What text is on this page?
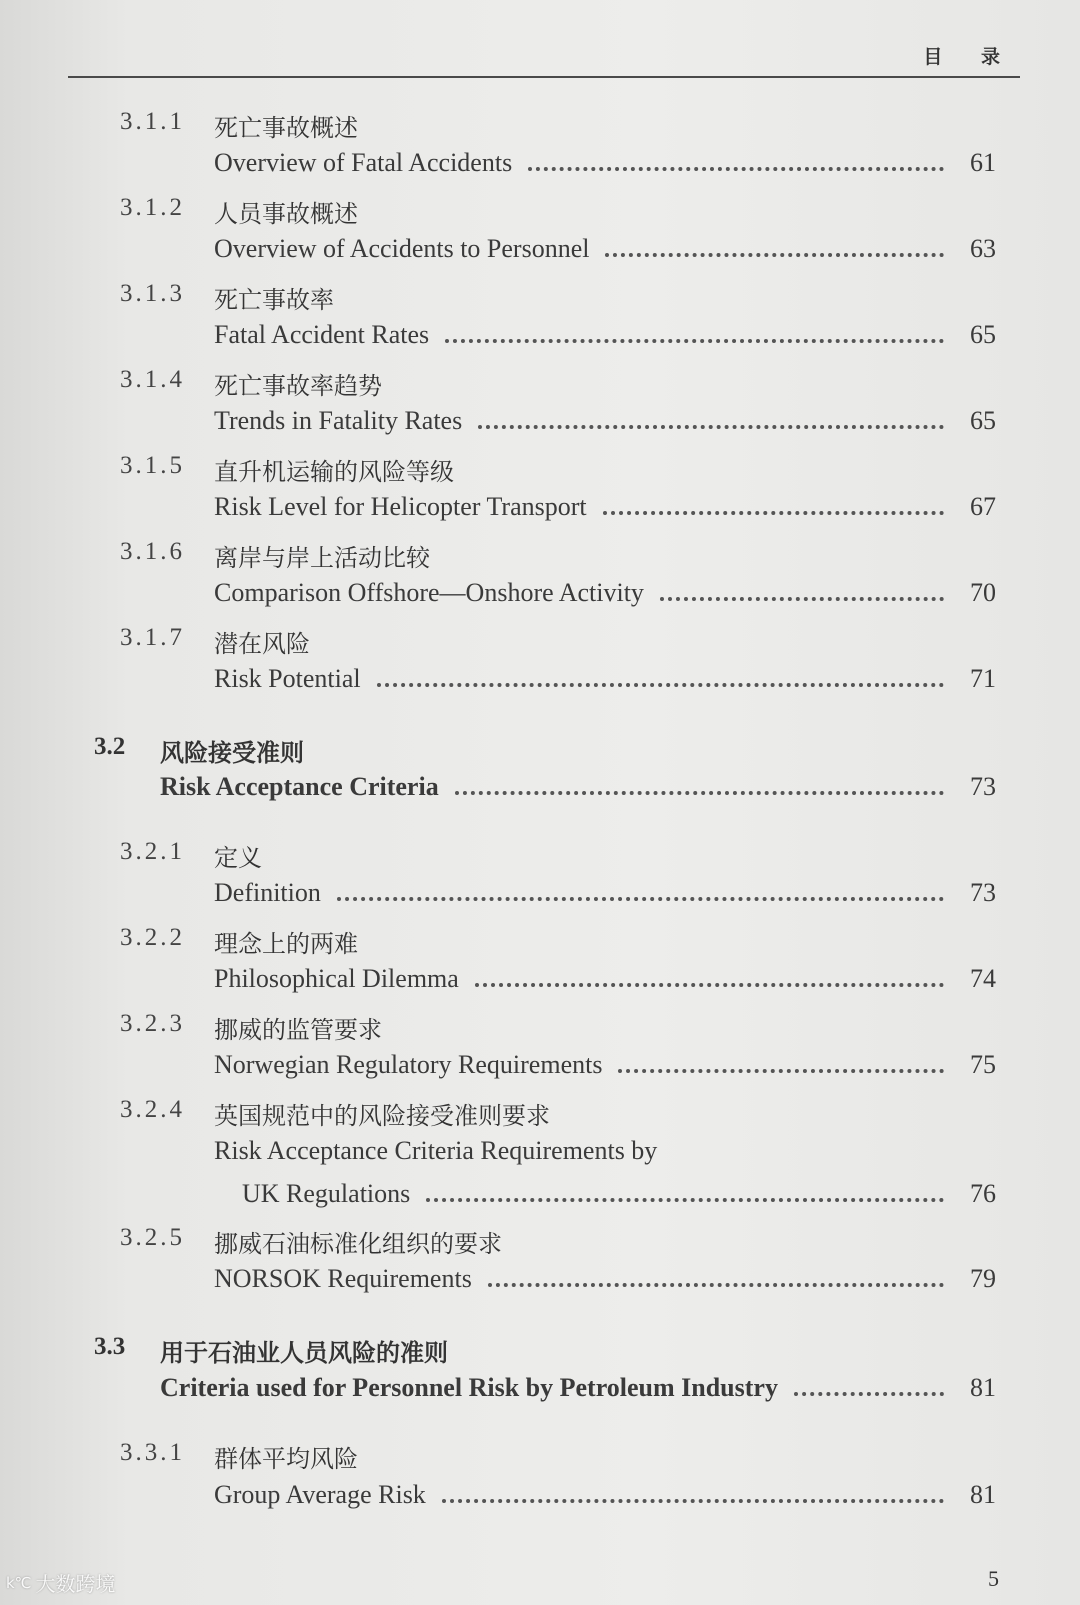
目 录
3.1.1 死亡事故概述
Overview of Fatal Accidents	61
3.1.2 人员事故概述
Overview of Accidents to Personnel	63
3.1.3 死亡事故率
Fatal Accident Rates	65
3.1.4 死亡事故率趋势
Trends in Fatality Rates	65
3.1.5 直升机运输的风险等级
Risk Level for Helicopter Transport	67
3.1.6 离岸与岸上活动比较
Comparison Offshore—Onshore Activity	70
3.1.7 潜在风险
Risk Potential	71
3.2 风险接受准则
Risk Acceptance Criteria	73
3.2.1 定义
Definition	73
3.2.2 理念上的两难
Philosophical Dilemma	74
3.2.3 挪威的监管要求
Norwegian Regulatory Requirements	75
3.2.4 英国规范中的风险接受准则要求
Risk Acceptance Criteria Requirements by
UK Regulations	76
3.2.5 挪威石油标准化组织的要求
NORSOK Requirements	79
3.3 用于石油业人员风险的准则
Criteria used for Personnel Risk by Petroleum Industry	81
3.3.1 群体平均风险
Group Average Risk	81
5
k℃ 大数跨境
